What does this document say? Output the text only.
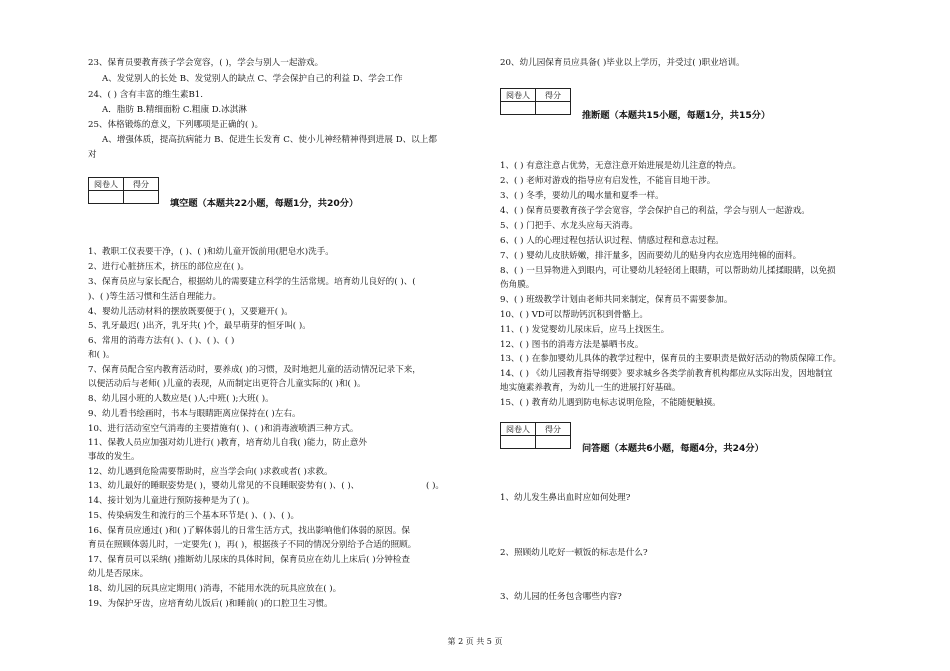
23、保育员要教育孩子学会宽容，( )，学会与别人一起游戏。
A、发觉别人的长处 B、发觉别人的缺点 C、学会保护自己的利益 D、学会工作
24、( ) 含有丰富的维生素B1.
A．脂肪 B.精细面粉 C.粗康 D.冰淇淋
25、体格锻炼的意义，下列哪项是正确的( )。
A、增强体质，提高抗病能力 B、促进生长发育 C、使小儿神经精神得到进展 D、以上都
对
阅卷人	得分

填空题（本题共22小题，每题1分，共20分）
1、教职工仪表要干净，( )、( )和幼儿童开饭前用(肥皂水)洗手。
2、进行心脏挤压术，挤压的部位应在( )。
3、保育员应与家长配合，根据幼儿的需要建立科学的生活常规。培育幼儿良好的( )、(
)、( )等生活习惯和生活自理能力。
4、婴幼儿活动材料的摆放既要便于( )，又要避开( )。
5、乳牙最迟( )出齐，乳牙共( )个，最早萌芽的恒牙叫( )。
6、常用的消毒方法有( )、( )、( )、( )
和( )。
7、保育员配合室内教育活动时，要养成( )的习惯，及时地把儿童的活动情况记录下来，
以便活动后与老师( )儿童的表现，从而制定出更符合儿童实际的( )和( )。
8、幼儿园小班的人数应是( )人;中班( );大班( )。
9、幼儿看书绘画时，书本与眼睛距离应保持在( )左右。
10、进行活动室空气消毒的主要措施有( )、( )和消毒液喷洒三种方式。
11、保教人员应加强对幼儿进行( )教育，培育幼儿自我( )能力，防止意外
事故的发生。
12、幼儿遇到危险需要帮助时，应当学会向( )求救或者( )求救。
13、幼儿最好的睡眠姿势是( )，婴幼儿常见的不良睡眠姿势有( )、( )、	( )。
14、接计划为儿童进行预防接种是为了( )。
15、传染病发生和流行的三个基本环节是( )、( )、( )。
16、保育员应通过( )和( )了解体弱儿的日常生活方式，找出影响他们体弱的原因。保
育员在照顾体弱儿时，一定要先( )，再( )，根据孩子不同的情况分别给予合适的照顾。
17、保育员可以采纳( )推断幼儿尿床的具体时间，保育员应在幼儿上床后( )分钟检查
幼儿是否尿床。
18、幼儿园的玩具应定期用( )消毒，不能用水洗的玩具应放在( )。
19、为保护牙齿，应培育幼儿饭后( )和睡前( )的口腔卫生习惯。
20、幼儿园保育员应具备( )毕业以上学历，并受过( )职业培训。
阅卷人	得分

推断题（本题共15小题，每题1分，共15分）
1、( ) 有意注意占优势，无意注意开始进展是幼儿注意的特点。
2、( ) 老师对游戏的指导应有启发性，不能盲目地干涉。
3、( ) 冬季，要幼儿的喝水量和夏季一样。
4、( ) 保育员要教育孩子学会宽容，学会保护自己的利益，学会与别人一起游戏。
5、( ) 门把手、水龙头应每天消毒。
6、( ) 人的心理过程包括认识过程、情感过程和意志过程。
7、( ) 婴幼儿皮肤娇嫩，排汗量多，因而要幼儿的贴身内衣应选用纯棉的面料。
8、( ) 一旦异物进入到眼内，可让婴幼儿轻轻闭上眼睛，可以帮助幼儿揉揉眼睛，以免损
伤角膜。
9、( ) 班级教学计划由老师共同来制定，保育员不需要参加。
10、( ) VD可以帮助钙沉积到骨骼上。
11、( ) 发觉婴幼儿尿床后，应马上找医生。
12、( ) 图书的消毒方法是暴晒书皮。
13、( ) 在参加婴幼儿具体的教学过程中，保育员的主要职责是做好活动的物质保障工作。
14、( ) 《幼儿园教育指导纲要》要求城乡各类学前教育机构都应从实际出发，因地制宜
地实施素养教育，为幼儿一生的进展打好基础。
15、( ) 教育幼儿遇到防电标志说明危险，不能随便触摸。
阅卷人	得分

问答题（本题共6小题，每题4分，共24分）
1、幼儿发生鼻出血时应如何处理?
2、照顾幼儿吃好一顿饭的标志是什么?
3、幼儿园的任务包含哪些内容?
第 2 页 共 5 页
